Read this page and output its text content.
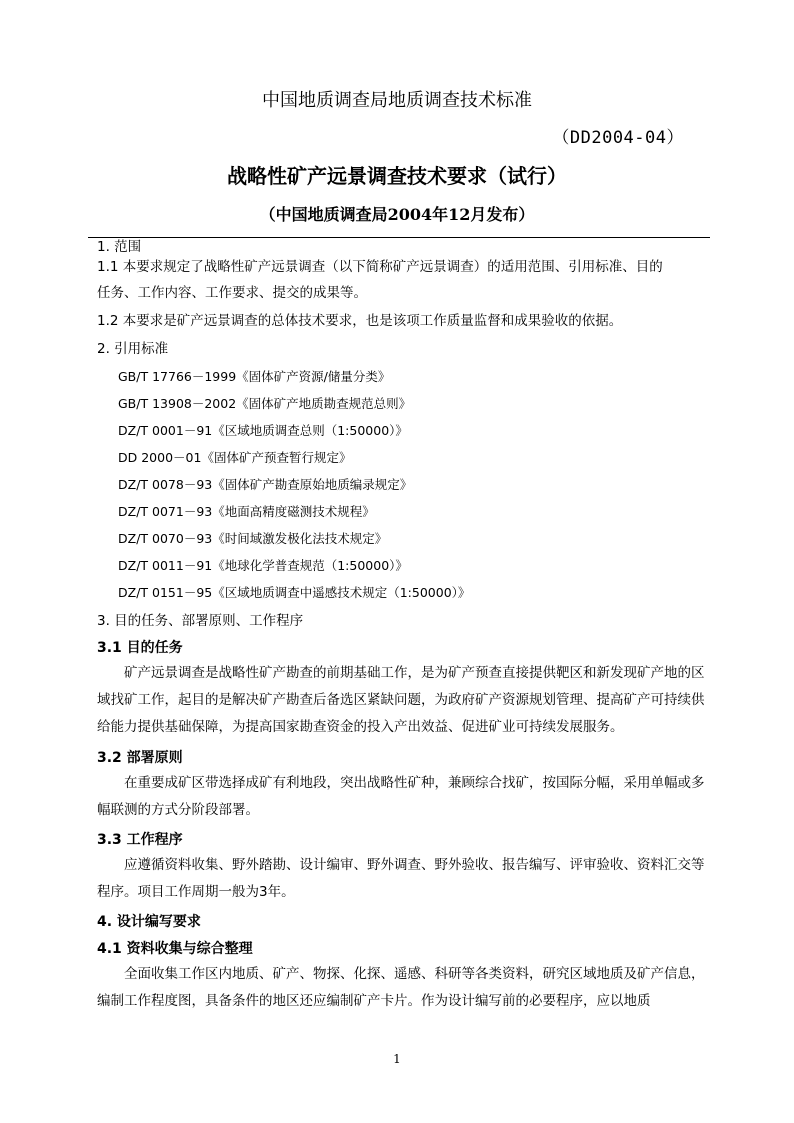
中国地质调查局地质调查技术标准
（DD2004-04）
战略性矿产远景调查技术要求（试行）
（中国地质调查局2004年12月发布）
1. 范围
1.1 本要求规定了战略性矿产远景调查（以下简称矿产远景调查）的适用范围、引用标准、目的
任务、工作内容、工作要求、提交的成果等。
1.2 本要求是矿产远景调查的总体技术要求，也是该项工作质量监督和成果验收的依据。
2. 引用标准
GB/T 17766－1999《固体矿产资源/储量分类》
GB/T 13908－2002《固体矿产地质勘查规范总则》
DZ/T 0001－91《区域地质调查总则（1:50000）》
DD 2000－01《固体矿产预查暂行规定》
DZ/T 0078－93《固体矿产勘查原始地质编录规定》
DZ/T 0071－93《地面高精度磁测技术规程》
DZ/T 0070－93《时间域激发极化法技术规定》
DZ/T 0011－91《地球化学普查规范（1:50000）》
DZ/T 0151－95《区域地质调查中遥感技术规定（1:50000）》
3. 目的任务、部署原则、工作程序
3.1 目的任务
矿产远景调查是战略性矿产勘查的前期基础工作，是为矿产预查直接提供靶区和新发现矿产地的区域找矿工作，起目的是解决矿产勘查后备选区紧缺问题，为政府矿产资源规划管理、提高矿产可持续供给能力提供基础保障，为提高国家勘查资金的投入产出效益、促进矿业可持续发展服务。
3.2 部署原则
在重要成矿区带选择成矿有利地段，突出战略性矿种，兼顾综合找矿，按国际分幅，采用单幅或多幅联测的方式分阶段部署。
3.3 工作程序
应遵循资料收集、野外踏勘、设计编审、野外调查、野外验收、报告编写、评审验收、资料汇交等程序。项目工作周期一般为3年。
4. 设计编写要求
4.1 资料收集与综合整理
全面收集工作区内地质、矿产、物探、化探、遥感、科研等各类资料，研究区域地质及矿产信息，编制工作程度图，具备条件的地区还应编制矿产卡片。作为设计编写前的必要程序，应以地质
1
